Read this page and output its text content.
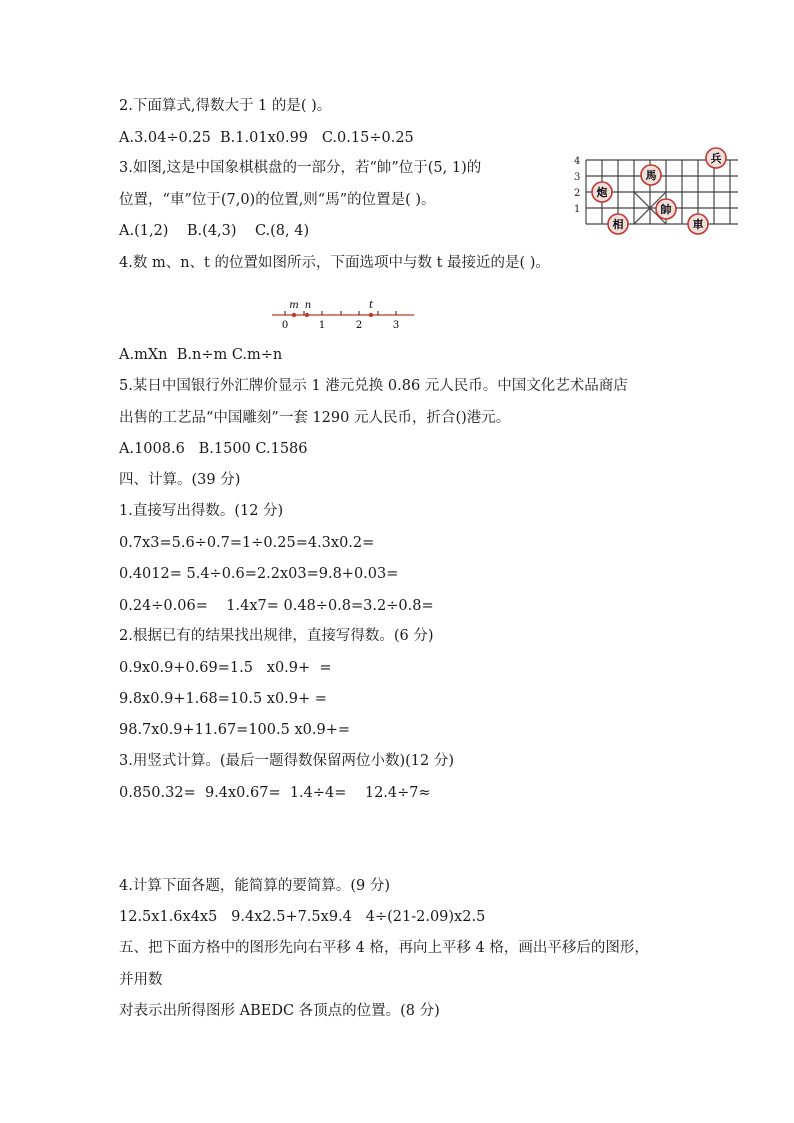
2.下面算式,得数大于 1 的是( )。
A.3.04÷0.25  B.1.01x0.99   C.0.15÷0.25
3.如图,这是中国象棋棋盘的一部分，若“帥”位于(5, 1)的
位置，“車”位于(7,0)的位置,则“馬”的位置是( )。
A.(1,2)    B.(4,3)    C.(8, 4)
4.数 m、n、t 的位置如图所示，下面选项中与数 t 最接近的是( )。
A.mXn  B.n÷m C.m÷n
5.某日中国银行外汇牌价显示 1 港元兑换 0.86 元人民币。中国文化艺术品商店
出售的工艺品“中国雕刻”一套 1290 元人民币，折合()港元。
A.1008.6   B.1500 C.1586
四、计算。(39 分)
1.直接写出得数。(12 分)
0.7x3=5.6÷0.7=1÷0.25=4.3x0.2=
0.4012= 5.4÷0.6=2.2x03=9.8+0.03=
0.24÷0.06=    1.4x7= 0.48÷0.8=3.2÷0.8=
2.根据已有的结果找出规律，直接写得数。(6 分)
0.9x0.9+0.69=1.5   x0.9+  =
9.8x0.9+1.68=10.5 x0.9+ =
98.7x0.9+11.67=100.5 x0.9+=
3.用竖式计算。(最后一题得数保留两位小数)(12 分)
0.850.32=  9.4x0.67=  1.4÷4=    12.4÷7≈
4.计算下面各题，能简算的要简算。(9 分)
12.5x1.6x4x5   9.4x2.5+7.5x9.4   4÷(21-2.09)x2.5
五、把下面方格中的图形先向右平移 4 格，再向上平移 4 格，画出平移后的图形，
并用数
对表示出所得图形 ABEDC 各顶点的位置。(8 分)
4
3
2
1
兵
馬
炮
帥
相	車
m n	t
0	1	2	3
